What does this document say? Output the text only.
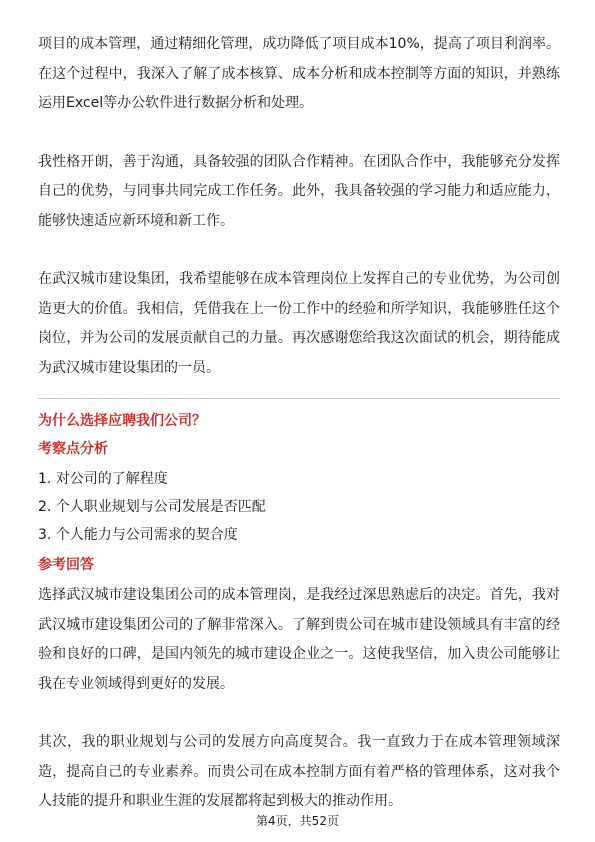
项目的成本管理，通过精细化管理，成功降低了项目成本10%，提高了项目利润率。在这个过程中，我深入了解了成本核算、成本分析和成本控制等方面的知识，并熟练运用Excel等办公软件进行数据分析和处理。

我性格开朗，善于沟通，具备较强的团队合作精神。在团队合作中，我能够充分发挥自己的优势，与同事共同完成工作任务。此外，我具备较强的学习能力和适应能力，能够快速适应新环境和新工作。

在武汉城市建设集团，我希望能够在成本管理岗位上发挥自己的专业优势，为公司创造更大的价值。我相信，凭借我在上一份工作中的经验和所学知识，我能够胜任这个岗位，并为公司的发展贡献自己的力量。再次感谢您给我这次面试的机会，期待能成为武汉城市建设集团的一员。

为什么选择应聘我们公司？

考察点分析

1. 对公司的了解程度
2. 个人职业规划与公司发展是否匹配
3. 个人能力与公司需求的契合度

参考回答

选择武汉城市建设集团公司的成本管理岗，是我经过深思熟虑后的决定。首先，我对武汉城市建设集团公司的了解非常深入。了解到贵公司在城市建设领域具有丰富的经验和良好的口碑，是国内领先的城市建设企业之一。这使我坚信，加入贵公司能够让我在专业领域得到更好的发展。

其次，我的职业规划与公司的发展方向高度契合。我一直致力于在成本管理领域深造，提高自己的专业素养。而贵公司在成本控制方面有着严格的管理体系，这对我个人技能的提升和职业生涯的发展都将起到极大的推动作用。

第4页，共52页
